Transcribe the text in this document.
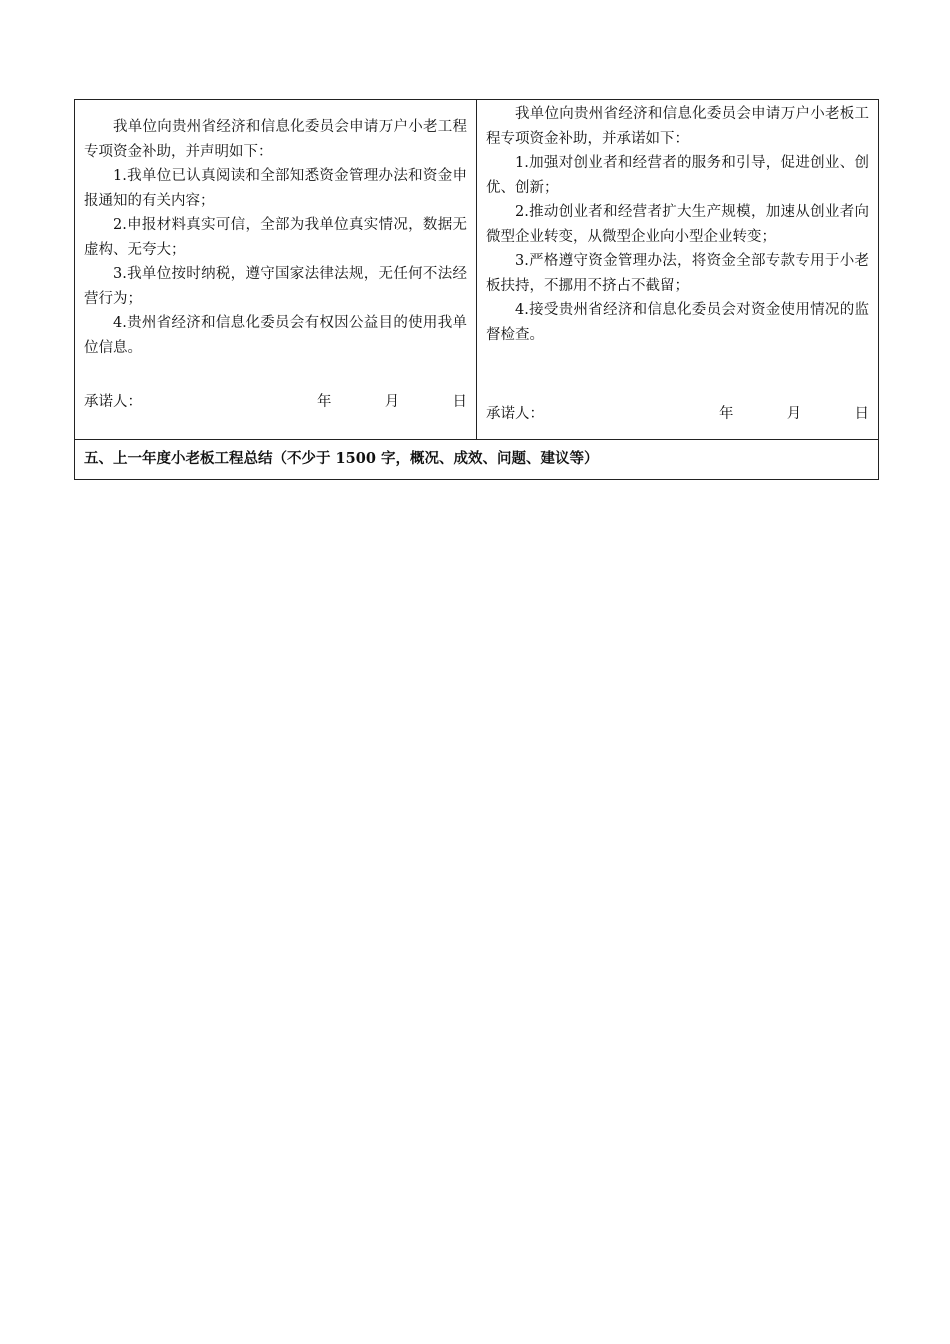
我单位向贵州省经济和信息化委员会申请万户小老工程专项资金补助，并声明如下：

1.我单位已认真阅读和全部知悉资金管理办法和资金申报通知的有关内容；

2.申报材料真实可信，全部为我单位真实情况，数据无虚构、无夸大；

3.我单位按时纳税，遵守国家法律法规，无任何不法经营行为；

4.贵州省经济和信息化委员会有权因公益目的使用我单位信息。

承诺人：	年	月	日

我单位向贵州省经济和信息化委员会申请万户小老板工程专项资金补助，并承诺如下：

1.加强对创业者和经营者的服务和引导，促进创业、创优、创新；

2.推动创业者和经营者扩大生产规模，加速从创业者向微型企业转变，从微型企业向小型企业转变；

3.严格遵守资金管理办法，将资金全部专款专用于小老板扶持，不挪用不挤占不截留；

4.接受贵州省经济和信息化委员会对资金使用情况的监督检查。

承诺人：	年	月	日

五、上一年度小老板工程总结（不少于 1500 字，概况、成效、问题、建议等）
